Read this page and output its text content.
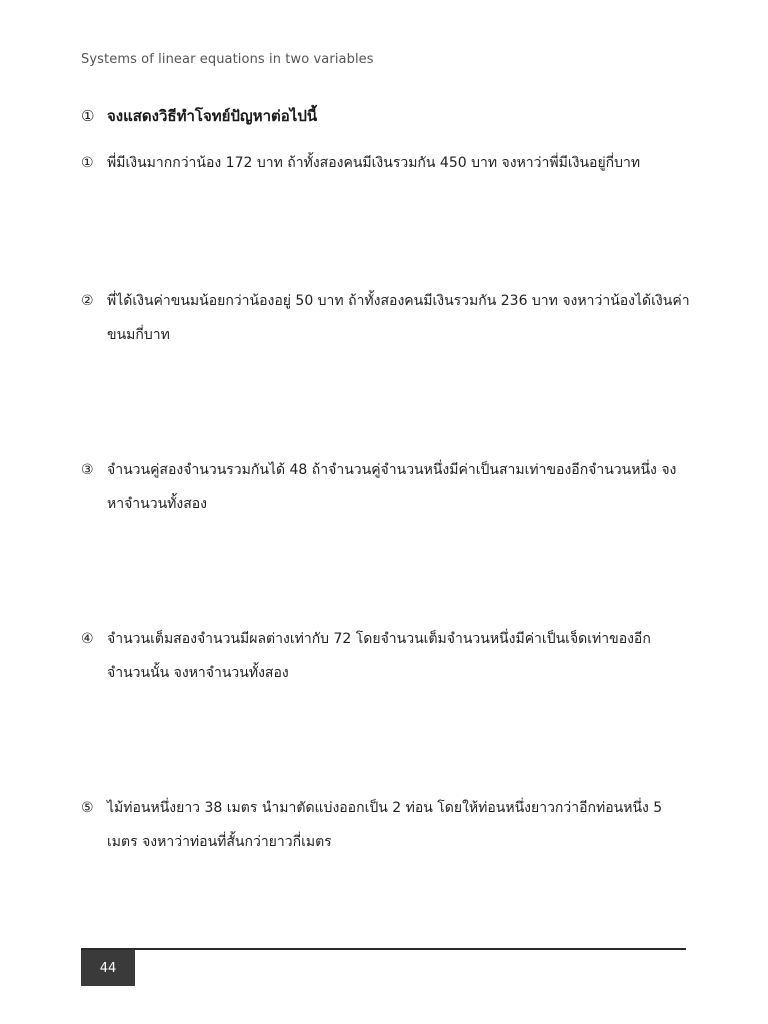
Systems of linear equations in two variables
① จงแสดงวิธีทำโจทย์ปัญหาต่อไปนี้
① พี่มีเงินมากกว่าน้อง 172 บาท ถ้าทั้งสองคนมีเงินรวมกัน 450 บาท จงหาว่าพี่มีเงินอยู่กี่บาท
② พี่ได้เงินค่าขนมน้อยกว่าน้องอยู่ 50 บาท ถ้าทั้งสองคนมีเงินรวมกัน 236 บาท จงหาว่าน้องได้เงินค่าขนมกี่บาท
③ จำนวนคู่สองจำนวนรวมกันได้ 48 ถ้าจำนวนคู่จำนวนหนึ่งมีค่าเป็นสามเท่าของอีกจำนวนหนึ่ง จงหาจำนวนทั้งสอง
④ จำนวนเต็มสองจำนวนมีผลต่างเท่ากับ 72 โดยจำนวนเต็มจำนวนหนึ่งมีค่าเป็นเจ็ดเท่าของอีกจำนวนนั้น จงหาจำนวนทั้งสอง
⑤ ไม้ท่อนหนึ่งยาว 38 เมตร นำมาตัดแบ่งออกเป็น 2 ท่อน โดยให้ท่อนหนึ่งยาวกว่าอีกท่อนหนึ่ง 5 เมตร จงหาว่าท่อนที่สั้นกว่ายาวกี่เมตร
44
